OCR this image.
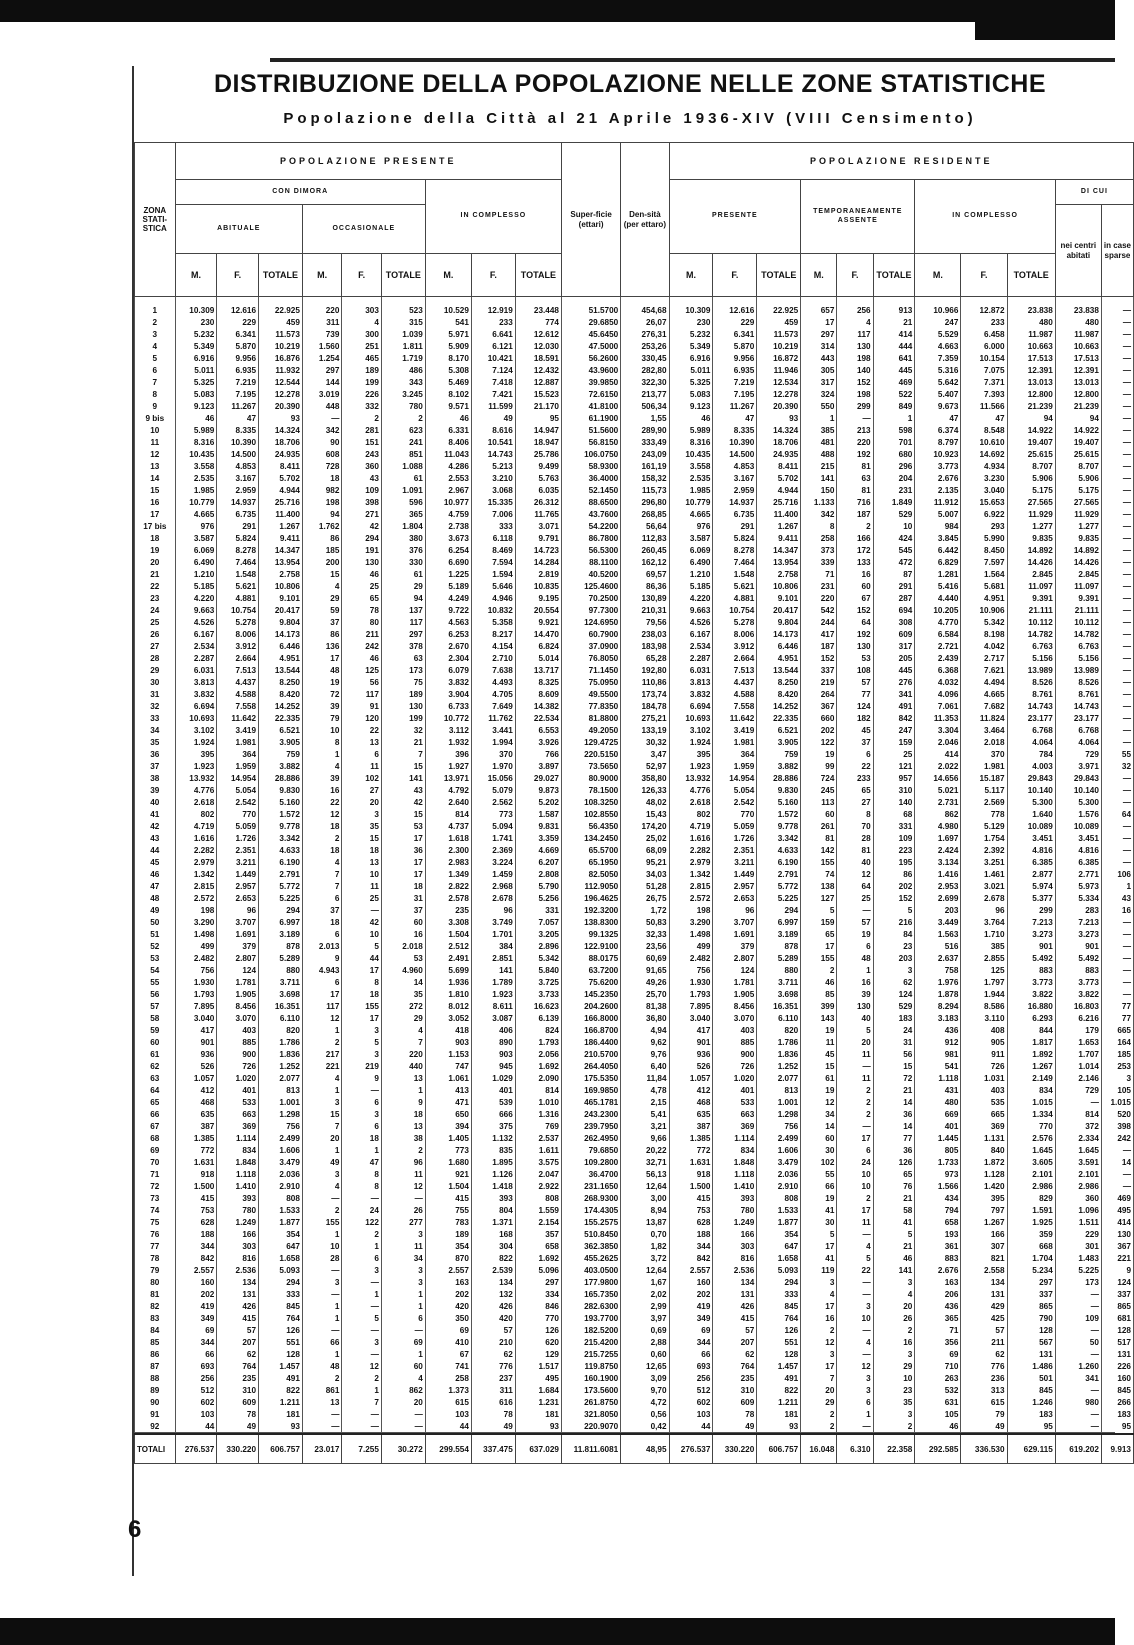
DISTRIBUZIONE DELLA POPOLAZIONE NELLE ZONE STATISTICHE
Popolazione della Città al 21 Aprile 1936-XIV (VIII Censimento)
ZONA STATI-STICA	POPOLAZIONE PRESENTE									Super-ficie (ettari)	Den-sità (per ettaro)	POPOLAZIONE RESIDENTE										
	CON DIMORA						IN COMPLESSO					PRESENTE			TEMPORANEAMENTE ASSENTE			IN COMPLESSO			DI CUI	
	ABITUALE			OCCASIONALE																	nei centri abitati	in case sparse
	M.	F.	TOTALE	M.	F.	TOTALE	M.	F.	TOTALE			M.	F.	TOTALE	M.	F.	TOTALE	M.	F.	TOTALE		
1	10.309	12.616	22.925	220	303	523	10.529	12.919	23.448	51.5700	454,68	10.309	12.616	22.925	657	256	913	10.966	12.872	23.838	23.838	—
2	230	229	459	311	4	315	541	233	774	29.6850	26,07	230	229	459	17	4	21	247	233	480	480	—
3	5.232	6.341	11.573	739	300	1.039	5.971	6.641	12.612	45.6450	276,31	5.232	6.341	11.573	297	117	414	5.529	6.458	11.987	11.987	—
4	5.349	5.870	10.219	1.560	251	1.811	5.909	6.121	12.030	47.5000	253,26	5.349	5.870	10.219	314	130	444	4.663	6.000	10.663	10.663	—
5	6.916	9.956	16.876	1.254	465	1.719	8.170	10.421	18.591	56.2600	330,45	6.916	9.956	16.872	443	198	641	7.359	10.154	17.513	17.513	—
6	5.011	6.935	11.932	297	189	486	5.308	7.124	12.432	43.9600	282,80	5.011	6.935	11.946	305	140	445	5.316	7.075	12.391	12.391	—
7	5.325	7.219	12.544	144	199	343	5.469	7.418	12.887	39.9850	322,30	5.325	7.219	12.534	317	152	469	5.642	7.371	13.013	13.013	—
8	5.083	7.195	12.278	3.019	226	3.245	8.102	7.421	15.523	72.6150	213,77	5.083	7.195	12.278	324	198	522	5.407	7.393	12.800	12.800	—
9	9.123	11.267	20.390	448	332	780	9.571	11.599	21.170	41.8100	506,34	9.123	11.267	20.390	550	299	849	9.673	11.566	21.239	21.239	—
9 bis	46	47	93	—	2	2	46	49	95	61.1900	1,55	46	47	93	1	—	1	47	47	94	94	—
10	5.989	8.335	14.324	342	281	623	6.331	8.616	14.947	51.5600	289,90	5.989	8.335	14.324	385	213	598	6.374	8.548	14.922	14.922	—
11	8.316	10.390	18.706	90	151	241	8.406	10.541	18.947	56.8150	333,49	8.316	10.390	18.706	481	220	701	8.797	10.610	19.407	19.407	—
12	10.435	14.500	24.935	608	243	851	11.043	14.743	25.786	106.0750	243,09	10.435	14.500	24.935	488	192	680	10.923	14.692	25.615	25.615	—
13	3.558	4.853	8.411	728	360	1.088	4.286	5.213	9.499	58.9300	161,19	3.558	4.853	8.411	215	81	296	3.773	4.934	8.707	8.707	—
14	2.535	3.167	5.702	18	43	61	2.553	3.210	5.763	36.4000	158,32	2.535	3.167	5.702	141	63	204	2.676	3.230	5.906	5.906	—
15	1.985	2.959	4.944	982	109	1.091	2.967	3.068	6.035	52.1450	115,73	1.985	2.959	4.944	150	81	231	2.135	3.040	5.175	5.175	—
16	10.779	14.937	25.716	198	398	596	10.977	15.335	26.312	88.6500	296,80	10.779	14.937	25.716	1.133	716	1.849	11.912	15.653	27.565	27.565	—
17	4.665	6.735	11.400	94	271	365	4.759	7.006	11.765	43.7600	268,85	4.665	6.735	11.400	342	187	529	5.007	6.922	11.929	11.929	—
17 bis	976	291	1.267	1.762	42	1.804	2.738	333	3.071	54.2200	56,64	976	291	1.267	8	2	10	984	293	1.277	1.277	—
18	3.587	5.824	9.411	86	294	380	3.673	6.118	9.791	86.7800	112,83	3.587	5.824	9.411	258	166	424	3.845	5.990	9.835	9.835	—
19	6.069	8.278	14.347	185	191	376	6.254	8.469	14.723	56.5300	260,45	6.069	8.278	14.347	373	172	545	6.442	8.450	14.892	14.892	—
20	6.490	7.464	13.954	200	130	330	6.690	7.594	14.284	88.1100	162,12	6.490	7.464	13.954	339	133	472	6.829	7.597	14.426	14.426	—
21	1.210	1.548	2.758	15	46	61	1.225	1.594	2.819	40.5200	69,57	1.210	1.548	2.758	71	16	87	1.281	1.564	2.845	2.845	—
22	5.185	5.621	10.806	4	25	29	5.189	5.646	10.835	125.4600	86,36	5.185	5.621	10.806	231	60	291	5.416	5.681	11.097	11.097	—
23	4.220	4.881	9.101	29	65	94	4.249	4.946	9.195	70.2500	130,89	4.220	4.881	9.101	220	67	287	4.440	4.951	9.391	9.391	—
24	9.663	10.754	20.417	59	78	137	9.722	10.832	20.554	97.7300	210,31	9.663	10.754	20.417	542	152	694	10.205	10.906	21.111	21.111	—
25	4.526	5.278	9.804	37	80	117	4.563	5.358	9.921	124.6950	79,56	4.526	5.278	9.804	244	64	308	4.770	5.342	10.112	10.112	—
26	6.167	8.006	14.173	86	211	297	6.253	8.217	14.470	60.7900	238,03	6.167	8.006	14.173	417	192	609	6.584	8.198	14.782	14.782	—
27	2.534	3.912	6.446	136	242	378	2.670	4.154	6.824	37.0900	183,98	2.534	3.912	6.446	187	130	317	2.721	4.042	6.763	6.763	—
28	2.287	2.664	4.951	17	46	63	2.304	2.710	5.014	76.8050	65,28	2.287	2.664	4.951	152	53	205	2.439	2.717	5.156	5.156	—
29	6.031	7.513	13.544	48	125	173	6.079	7.638	13.717	71.1450	192,80	6.031	7.513	13.544	337	108	445	6.368	7.621	13.989	13.989	—
30	3.813	4.437	8.250	19	56	75	3.832	4.493	8.325	75.0950	110,86	3.813	4.437	8.250	219	57	276	4.032	4.494	8.526	8.526	—
31	3.832	4.588	8.420	72	117	189	3.904	4.705	8.609	49.5500	173,74	3.832	4.588	8.420	264	77	341	4.096	4.665	8.761	8.761	—
32	6.694	7.558	14.252	39	91	130	6.733	7.649	14.382	77.8350	184,78	6.694	7.558	14.252	367	124	491	7.061	7.682	14.743	14.743	—
33	10.693	11.642	22.335	79	120	199	10.772	11.762	22.534	81.8800	275,21	10.693	11.642	22.335	660	182	842	11.353	11.824	23.177	23.177	—
34	3.102	3.419	6.521	10	22	32	3.112	3.441	6.553	49.2050	133,19	3.102	3.419	6.521	202	45	247	3.304	3.464	6.768	6.768	—
35	1.924	1.981	3.905	8	13	21	1.932	1.994	3.926	129.4725	30,32	1.924	1.981	3.905	122	37	159	2.046	2.018	4.064	4.064	—
36	395	364	759	1	6	7	396	370	766	220.5150	3,47	395	364	759	19	6	25	414	370	784	729	55
37	1.923	1.959	3.882	4	11	15	1.927	1.970	3.897	73.5650	52,97	1.923	1.959	3.882	99	22	121	2.022	1.981	4.003	3.971	32
38	13.932	14.954	28.886	39	102	141	13.971	15.056	29.027	80.9000	358,80	13.932	14.954	28.886	724	233	957	14.656	15.187	29.843	29.843	—
39	4.776	5.054	9.830	16	27	43	4.792	5.079	9.873	78.1500	126,33	4.776	5.054	9.830	245	65	310	5.021	5.117	10.140	10.140	—
40	2.618	2.542	5.160	22	20	42	2.640	2.562	5.202	108.3250	48,02	2.618	2.542	5.160	113	27	140	2.731	2.569	5.300	5.300	—
41	802	770	1.572	12	3	15	814	773	1.587	102.8550	15,43	802	770	1.572	60	8	68	862	778	1.640	1.576	64
42	4.719	5.059	9.778	18	35	53	4.737	5.094	9.831	56.4350	174,20	4.719	5.059	9.778	261	70	331	4.980	5.129	10.089	10.089	—
43	1.616	1.726	3.342	2	15	17	1.618	1.741	3.359	134.2450	25,02	1.616	1.726	3.342	81	28	109	1.697	1.754	3.451	3.451	—
44	2.282	2.351	4.633	18	18	36	2.300	2.369	4.669	65.5700	68,09	2.282	2.351	4.633	142	81	223	2.424	2.392	4.816	4.816	—
45	2.979	3.211	6.190	4	13	17	2.983	3.224	6.207	65.1950	95,21	2.979	3.211	6.190	155	40	195	3.134	3.251	6.385	6.385	—
46	1.342	1.449	2.791	7	10	17	1.349	1.459	2.808	82.5050	34,03	1.342	1.449	2.791	74	12	86	1.416	1.461	2.877	2.771	106
47	2.815	2.957	5.772	7	11	18	2.822	2.968	5.790	112.9050	51,28	2.815	2.957	5.772	138	64	202	2.953	3.021	5.974	5.973	1
48	2.572	2.653	5.225	6	25	31	2.578	2.678	5.256	196.4625	26,75	2.572	2.653	5.225	127	25	152	2.699	2.678	5.377	5.334	43
49	198	96	294	37	—	37	235	96	331	192.3200	1,72	198	96	294	5	—	5	203	96	299	283	16
50	3.290	3.707	6.997	18	42	60	3.308	3.749	7.057	138.8300	50,83	3.290	3.707	6.997	159	57	216	3.449	3.764	7.213	7.213	—
51	1.498	1.691	3.189	6	10	16	1.504	1.701	3.205	99.1325	32,33	1.498	1.691	3.189	65	19	84	1.563	1.710	3.273	3.273	—
52	499	379	878	2.013	5	2.018	2.512	384	2.896	122.9100	23,56	499	379	878	17	6	23	516	385	901	901	—
53	2.482	2.807	5.289	9	44	53	2.491	2.851	5.342	88.0175	60,69	2.482	2.807	5.289	155	48	203	2.637	2.855	5.492	5.492	—
54	756	124	880	4.943	17	4.960	5.699	141	5.840	63.7200	91,65	756	124	880	2	1	3	758	125	883	883	—
55	1.930	1.781	3.711	6	8	14	1.936	1.789	3.725	75.6200	49,26	1.930	1.781	3.711	46	16	62	1.976	1.797	3.773	3.773	—
56	1.793	1.905	3.698	17	18	35	1.810	1.923	3.733	145.2350	25,70	1.793	1.905	3.698	85	39	124	1.878	1.944	3.822	3.822	—
57	7.895	8.456	16.351	117	155	272	8.012	8.611	16.623	204.2600	81,38	7.895	8.456	16.351	399	130	529	8.294	8.586	16.880	16.803	77
58	3.040	3.070	6.110	12	17	29	3.052	3.087	6.139	166.8000	36,80	3.040	3.070	6.110	143	40	183	3.183	3.110	6.293	6.216	77
59	417	403	820	1	3	4	418	406	824	166.8700	4,94	417	403	820	19	5	24	436	408	844	179	665
60	901	885	1.786	2	5	7	903	890	1.793	186.4400	9,62	901	885	1.786	11	20	31	912	905	1.817	1.653	164
61	936	900	1.836	217	3	220	1.153	903	2.056	210.5700	9,76	936	900	1.836	45	11	56	981	911	1.892	1.707	185
62	526	726	1.252	221	219	440	747	945	1.692	264.4050	6,40	526	726	1.252	15	—	15	541	726	1.267	1.014	253
63	1.057	1.020	2.077	4	9	13	1.061	1.029	2.090	175.5350	11,84	1.057	1.020	2.077	61	11	72	1.118	1.031	2.149	2.146	3
64	412	401	813	1	—	1	413	401	814	169.9850	4,78	412	401	813	19	2	21	431	403	834	729	105
65	468	533	1.001	3	6	9	471	539	1.010	465.1781	2,15	468	533	1.001	12	2	14	480	535	1.015	—	1.015
66	635	663	1.298	15	3	18	650	666	1.316	243.2300	5,41	635	663	1.298	34	2	36	669	665	1.334	814	520
67	387	369	756	7	6	13	394	375	769	239.7950	3,21	387	369	756	14	—	14	401	369	770	372	398
68	1.385	1.114	2.499	20	18	38	1.405	1.132	2.537	262.4950	9,66	1.385	1.114	2.499	60	17	77	1.445	1.131	2.576	2.334	242
69	772	834	1.606	1	1	2	773	835	1.611	79.6850	20,22	772	834	1.606	30	6	36	805	840	1.645	1.645	—
70	1.631	1.848	3.479	49	47	96	1.680	1.895	3.575	109.2800	32,71	1.631	1.848	3.479	102	24	126	1.733	1.872	3.605	3.591	14
71	918	1.118	2.036	3	8	11	921	1.126	2.047	36.4700	56,13	918	1.118	2.036	55	10	65	973	1.128	2.101	2.101	—
72	1.500	1.410	2.910	4	8	12	1.504	1.418	2.922	231.1650	12,64	1.500	1.410	2.910	66	10	76	1.566	1.420	2.986	2.986	—
73	415	393	808	—	—	—	415	393	808	268.9300	3,00	415	393	808	19	2	21	434	395	829	360	469
74	753	780	1.533	2	24	26	755	804	1.559	174.4305	8,94	753	780	1.533	41	17	58	794	797	1.591	1.096	495
75	628	1.249	1.877	155	122	277	783	1.371	2.154	155.2575	13,87	628	1.249	1.877	30	11	41	658	1.267	1.925	1.511	414
76	188	166	354	1	2	3	189	168	357	510.8450	0,70	188	166	354	5	—	5	193	166	359	229	130
77	344	303	647	10	1	11	354	304	658	362.3850	1,82	344	303	647	17	4	21	361	307	668	301	367
78	842	816	1.658	28	6	34	870	822	1.692	455.2625	3,72	842	816	1.658	41	5	46	883	821	1.704	1.483	221
79	2.557	2.536	5.093	—	3	3	2.557	2.539	5.096	403.0500	12,64	2.557	2.536	5.093	119	22	141	2.676	2.558	5.234	5.225	9
80	160	134	294	3	—	3	163	134	297	177.9800	1,67	160	134	294	3	—	3	163	134	297	173	124
81	202	131	333	—	1	1	202	132	334	165.7350	2,02	202	131	333	4	—	4	206	131	337	—	337
82	419	426	845	1	—	1	420	426	846	282.6300	2,99	419	426	845	17	3	20	436	429	865	—	865
83	349	415	764	1	5	6	350	420	770	193.7700	3,97	349	415	764	16	10	26	365	425	790	109	681
84	69	57	126	—	—	—	69	57	126	182.5200	0,69	69	57	126	2	—	2	71	57	128	—	128
85	344	207	551	66	3	69	410	210	620	215.4200	2,88	344	207	551	12	4	16	356	211	567	50	517
86	66	62	128	1	—	1	67	62	129	215.7255	0,60	66	62	128	3	—	3	69	62	131	—	131
87	693	764	1.457	48	12	60	741	776	1.517	119.8750	12,65	693	764	1.457	17	12	29	710	776	1.486	1.260	226
88	256	235	491	2	2	4	258	237	495	160.1900	3,09	256	235	491	7	3	10	263	236	501	341	160
89	512	310	822	861	1	862	1.373	311	1.684	173.5600	9,70	512	310	822	20	3	23	532	313	845	—	845
90	602	609	1.211	13	7	20	615	616	1.231	261.8750	4,72	602	609	1.211	29	6	35	631	615	1.246	980	266
91	103	78	181	—	—	—	103	78	181	321.8050	0,56	103	78	181	2	1	3	105	79	183	—	183
92	44	49	93	—	—	—	44	49	93	220.9070	0,42	44	49	93	2	—	2	46	49	95	—	95
TOTALI	276.537	330.220	606.757	23.017	7.255	30.272	299.554	337.475	637.029	11.811.6081	48,95	276.537	330.220	606.757	16.048	6.310	22.358	292.585	336.530	629.115	619.202	9.913
6
